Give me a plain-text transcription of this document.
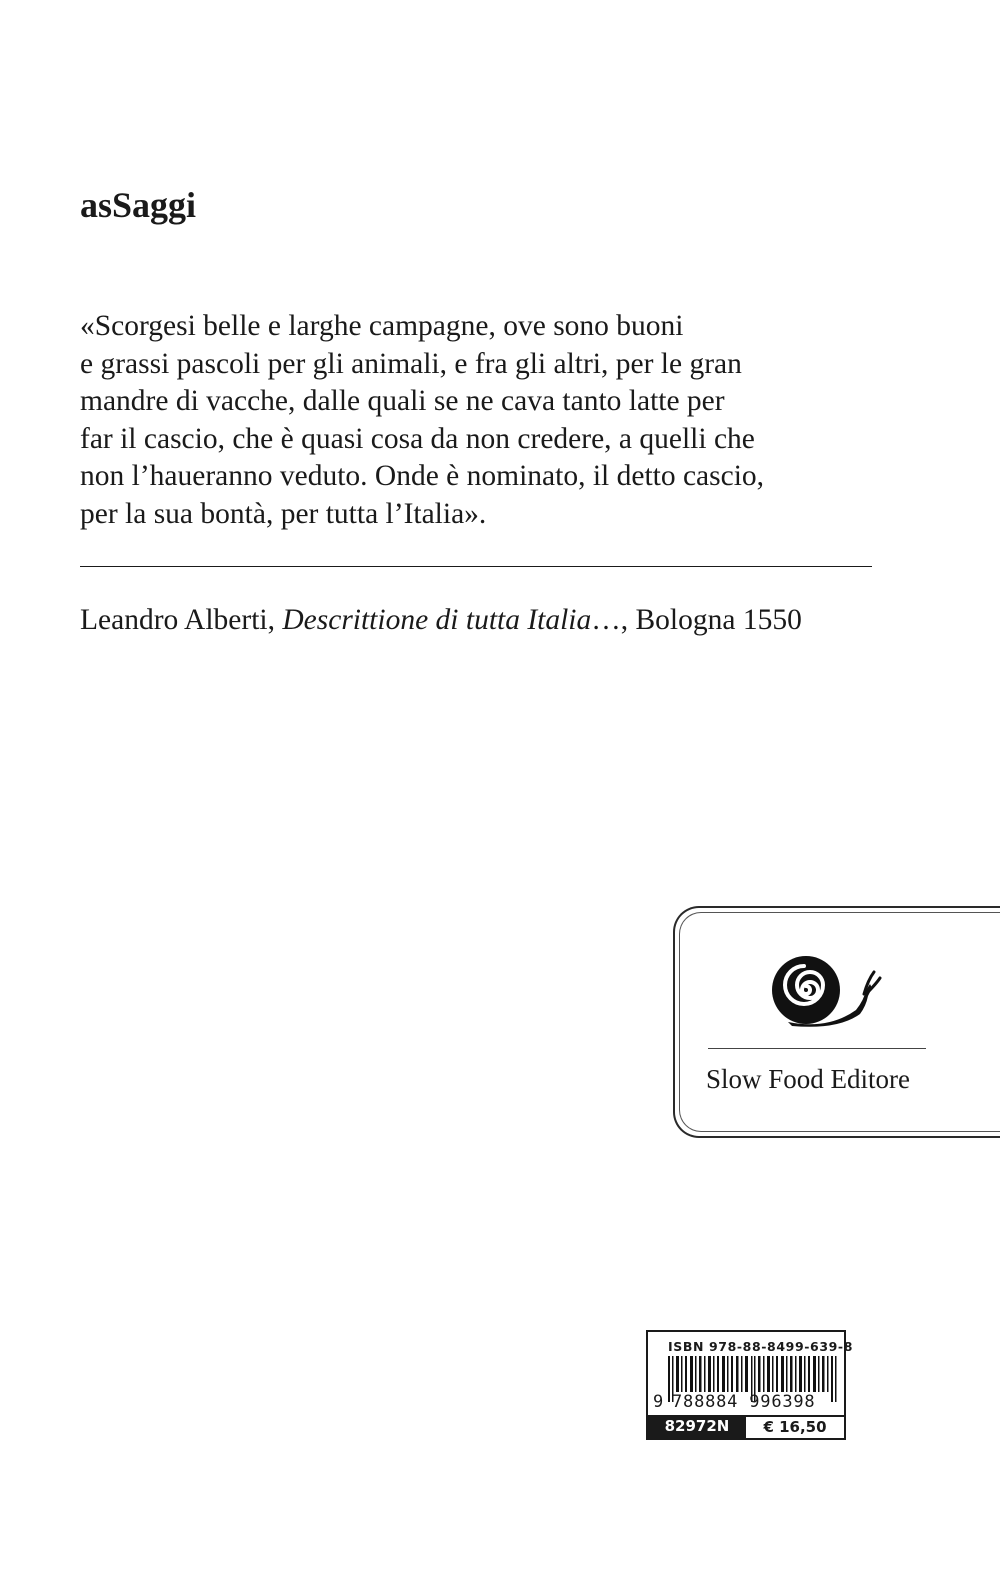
asSaggi

«Scorgesi belle e larghe campagne, ove sono buoni
e grassi pascoli per gli animali, e fra gli altri, per le gran
mandre di vacche, dalle quali se ne cava tanto latte per
far il cascio, che è quasi cosa da non credere, a quelli che
non l’haueranno veduto. Onde è nominato, il detto cascio,
per la sua bontà, per tutta l’Italia».

Leandro Alberti, Descrittione di tutta Italia…, Bologna 1550
Slow Food Editore
ISBN 978-88-8499-639-8
9 788884 996398
82972N	€ 16,50
